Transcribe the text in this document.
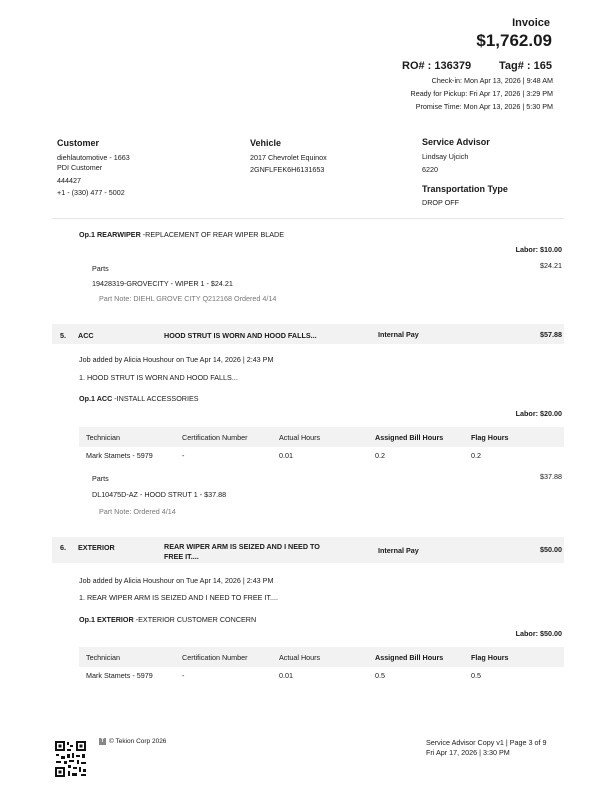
Invoice
$1,762.09
RO# : 136379	Tag# : 165
Check-in: Mon Apr 13, 2026 | 9:48 AM
Ready for Pickup: Fri Apr 17, 2026 | 3:29 PM
Promise Time: Mon Apr 13, 2026 | 5:30 PM
Customer
diehlautomotive - 1663
PDI Customer
444427
+1 - (330) 477 - 5002
Vehicle
2017 Chevrolet Equinox
2GNFLFEK6H6131653
Service Advisor
Lindsay Ujcich
6220
Transportation Type
DROP OFF
Op.1 REARWIPER -REPLACEMENT OF REAR WIPER BLADE
Labor: $10.00
Parts	$24.21
19428319-GROVECITY - WIPER 1 - $24.21
Part Note: DIEHL GROVE CITY Q212168 Ordered 4/14
5. ACC	HOOD STRUT IS WORN AND HOOD FALLS...	Internal Pay	$57.88
Job added by Alicia Houshour on Tue Apr 14, 2026 | 2:43 PM
1. HOOD STRUT IS WORN AND HOOD FALLS...
Op.1 ACC -INSTALL ACCESSORIES
Labor: $20.00
Technician	Certification Number	Actual Hours	Assigned Bill Hours	Flag Hours
Mark Stamets - 5979	-	0.01	0.2	0.2
Parts	$37.88
DL10475D-AZ - HOOD STRUT 1 - $37.88
Part Note: Ordered 4/14
6. EXTERIOR	REAR WIPER ARM IS SEIZED AND I NEED TO
FREE IT....
Internal Pay	$50.00
Job added by Alicia Houshour on Tue Apr 14, 2026 | 2:43 PM
1. REAR WIPER ARM IS SEIZED AND I NEED TO FREE IT....
Op.1 EXTERIOR -EXTERIOR CUSTOMER CONCERN
Labor: $50.00
Technician	Certification Number	Actual Hours	Assigned Bill Hours	Flag Hours
Mark Stamets - 5979	-	0.01	0.5	0.5
T © Tekion Corp 2026	Service Advisor Copy v1 | Page 3 of 9
Fri Apr 17, 2026 | 3:30 PM
